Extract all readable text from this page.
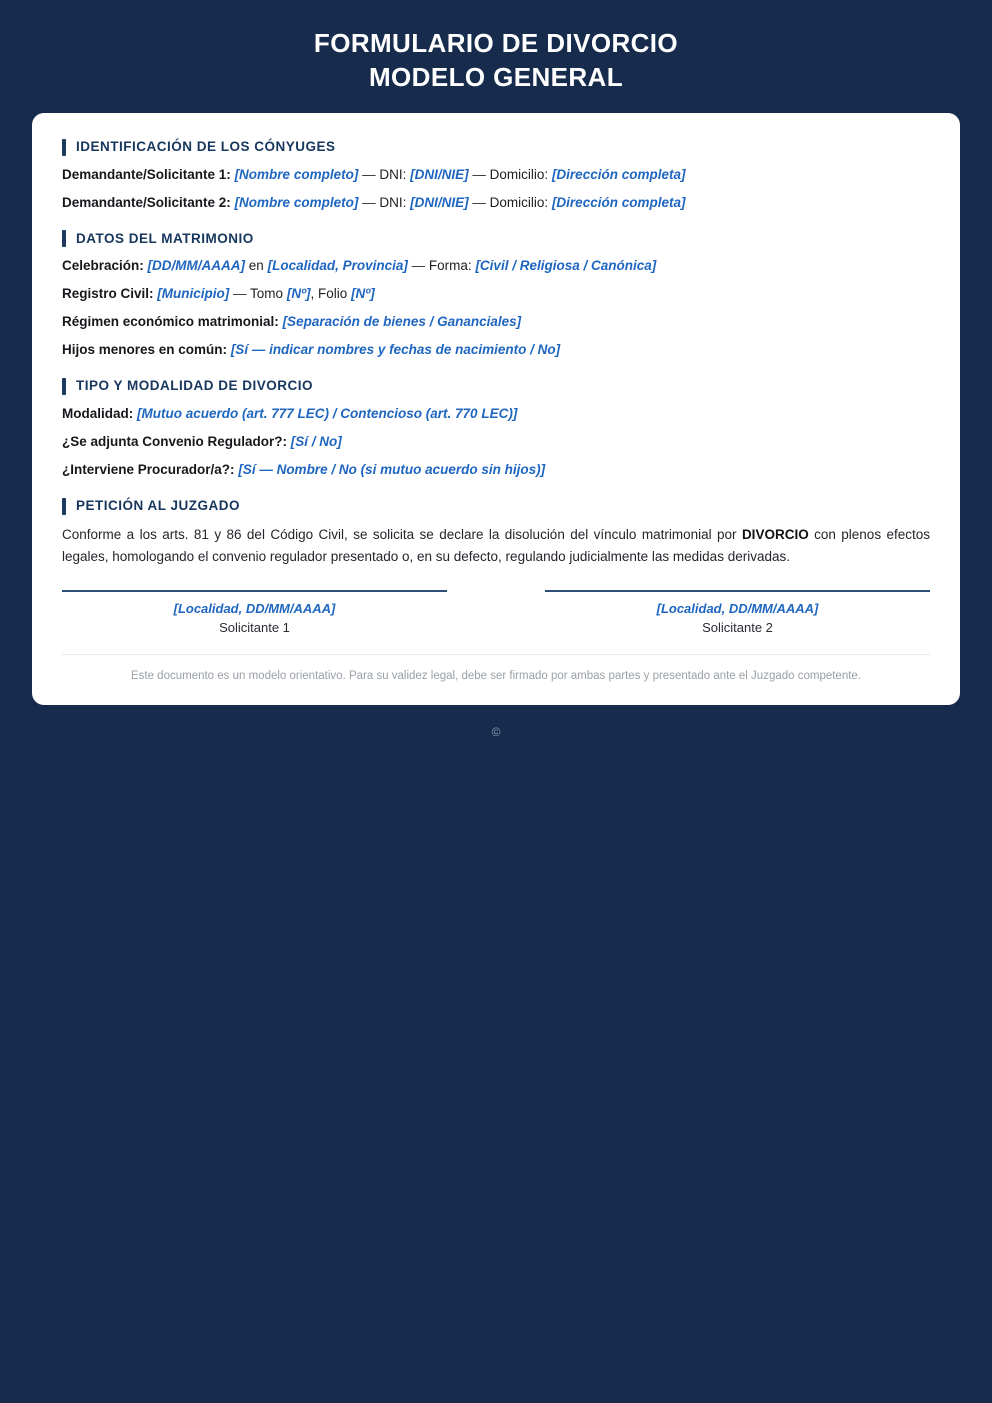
FORMULARIO DE DIVORCIO
MODELO GENERAL
IDENTIFICACIÓN DE LOS CÓNYUGES

Demandante/Solicitante 1: [Nombre completo] — DNI: [DNI/NIE] — Domicilio: [Dirección completa]

Demandante/Solicitante 2: [Nombre completo] — DNI: [DNI/NIE] — Domicilio: [Dirección completa]

DATOS DEL MATRIMONIO

Celebración: [DD/MM/AAAA] en [Localidad, Provincia] — Forma: [Civil / Religiosa / Canónica]

Registro Civil: [Municipio] — Tomo [Nº], Folio [Nº]

Régimen económico matrimonial: [Separación de bienes / Gananciales]

Hijos menores en común: [Sí — indicar nombres y fechas de nacimiento / No]

TIPO Y MODALIDAD DE DIVORCIO

Modalidad: [Mutuo acuerdo (art. 777 LEC) / Contencioso (art. 770 LEC)]

¿Se adjunta Convenio Regulador?: [Sí / No]

¿Interviene Procurador/a?: [Sí — Nombre / No (si mutuo acuerdo sin hijos)]

PETICIÓN AL JUZGADO

Conforme a los arts. 81 y 86 del Código Civil, se solicita se declare la disolución del vínculo matrimonial por DIVORCIO con plenos efectos legales, homologando el convenio regulador presentado o, en su defecto, regulando judicialmente las medidas derivadas.

[Localidad, DD/MM/AAAA]
Solicitante 1
[Localidad, DD/MM/AAAA]
Solicitante 2

Este documento es un modelo orientativo. Para su validez legal, debe ser firmado por ambas partes y presentado ante el Juzgado competente.

©
